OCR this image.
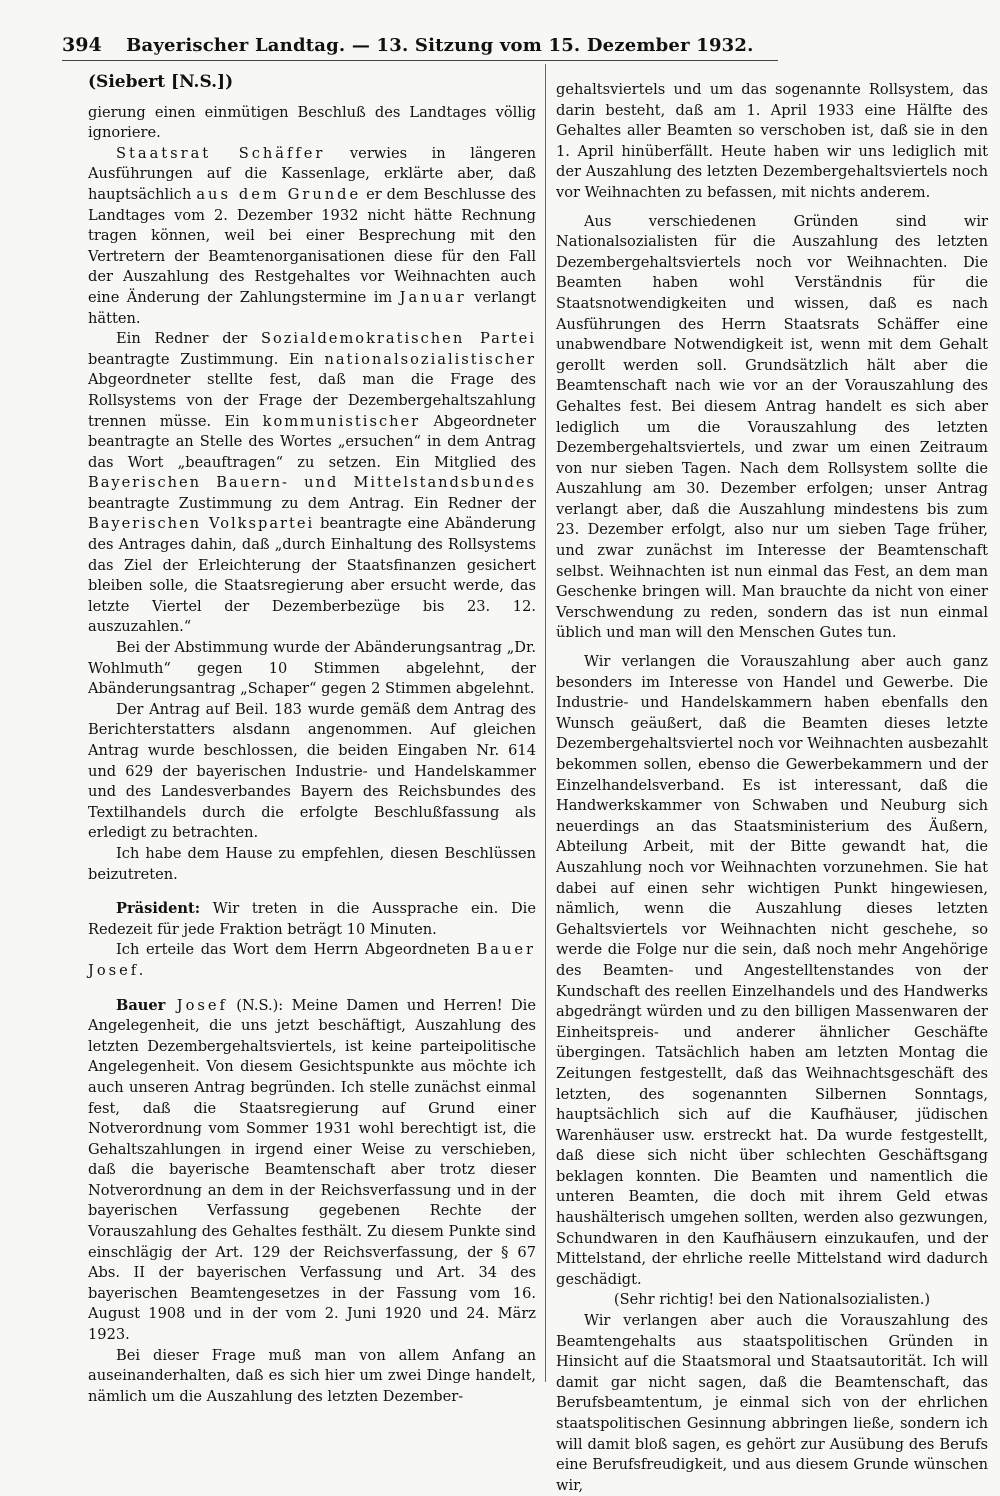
394	Bayerischer Landtag. — 13. Sitzung vom 15. Dezember 1932.
(Siebert [N.S.])

gierung einen einmütigen Beschluß des Landtages völlig ignoriere.

Staatsrat Schäffer verwies in längeren Ausführungen auf die Kassenlage, erklärte aber, daß hauptsächlich aus dem Grunde er dem Beschlusse des Landtages vom 2. Dezember 1932 nicht hätte Rechnung tragen können, weil bei einer Besprechung mit den Vertretern der Beamtenorganisationen diese für den Fall der Auszahlung des Restgehaltes vor Weihnachten auch eine Änderung der Zahlungstermine im Januar verlangt hätten.

Ein Redner der Sozialdemokratischen Partei beantragte Zustimmung. Ein nationalsozialistischer Abgeordneter stellte fest, daß man die Frage des Rollsystems von der Frage der Dezembergehaltszahlung trennen müsse. Ein kommunistischer Abgeordneter beantragte an Stelle des Wortes „ersuchen“ in dem Antrag das Wort „beauftragen“ zu setzen. Ein Mitglied des Bayerischen Bauern- und Mittelstandsbundes beantragte Zustimmung zu dem Antrag. Ein Redner der Bayerischen Volkspartei beantragte eine Abänderung des Antrages dahin, daß „durch Einhaltung des Rollsystems das Ziel der Erleichterung der Staatsfinanzen gesichert bleiben solle, die Staatsregierung aber ersucht werde, das letzte Viertel der Dezemberbezüge bis 23. 12. auszuzahlen.“

Bei der Abstimmung wurde der Abänderungsantrag „Dr. Wohlmuth“ gegen 10 Stimmen abgelehnt, der Abänderungsantrag „Schaper“ gegen 2 Stimmen abgelehnt.

Der Antrag auf Beil. 183 wurde gemäß dem Antrag des Berichterstatters alsdann angenommen. Auf gleichen Antrag wurde beschlossen, die beiden Eingaben Nr. 614 und 629 der bayerischen Industrie- und Handelskammer und des Landesverbandes Bayern des Reichsbundes des Textilhandels durch die erfolgte Beschlußfassung als erledigt zu betrachten.

Ich habe dem Hause zu empfehlen, diesen Beschlüssen beizutreten.

Präsident: Wir treten in die Aussprache ein. Die Redezeit für jede Fraktion beträgt 10 Minuten.

Ich erteile das Wort dem Herrn Abgeordneten Bauer Josef.

Bauer Josef (N.S.): Meine Damen und Herren! Die Angelegenheit, die uns jetzt beschäftigt, Auszahlung des letzten Dezembergehaltsviertels, ist keine parteipolitische Angelegenheit. Von diesem Gesichtspunkte aus möchte ich auch unseren Antrag begründen. Ich stelle zunächst einmal fest, daß die Staatsregierung auf Grund einer Notverordnung vom Sommer 1931 wohl berechtigt ist, die Gehaltszahlungen in irgend einer Weise zu verschieben, daß die bayerische Beamtenschaft aber trotz dieser Notverordnung an dem in der Reichsverfassung und in der bayerischen Verfassung gegebenen Rechte der Vorauszahlung des Gehaltes festhält. Zu diesem Punkte sind einschlägig der Art. 129 der Reichsverfassung, der § 67 Abs. II der bayerischen Verfassung und Art. 34 des bayerischen Beamtengesetzes in der Fassung vom 16. August 1908 und in der vom 2. Juni 1920 und 24. März 1923.

Bei dieser Frage muß man von allem Anfang an auseinanderhalten, daß es sich hier um zwei Dinge handelt, nämlich um die Auszahlung des letzten Dezember-

gehaltsviertels und um das sogenannte Rollsystem, das darin besteht, daß am 1. April 1933 eine Hälfte des Gehaltes aller Beamten so verschoben ist, daß sie in den 1. April hinüberfällt. Heute haben wir uns lediglich mit der Auszahlung des letzten Dezembergehaltsviertels noch vor Weihnachten zu befassen, mit nichts anderem.

Aus verschiedenen Gründen sind wir Nationalsozialisten für die Auszahlung des letzten Dezembergehaltsviertels noch vor Weihnachten. Die Beamten haben wohl Verständnis für die Staatsnotwendigkeiten und wissen, daß es nach Ausführungen des Herrn Staatsrats Schäffer eine unabwendbare Notwendigkeit ist, wenn mit dem Gehalt gerollt werden soll. Grundsätzlich hält aber die Beamtenschaft nach wie vor an der Vorauszahlung des Gehaltes fest. Bei diesem Antrag handelt es sich aber lediglich um die Vorauszahlung des letzten Dezembergehaltsviertels, und zwar um einen Zeitraum von nur sieben Tagen. Nach dem Rollsystem sollte die Auszahlung am 30. Dezember erfolgen; unser Antrag verlangt aber, daß die Auszahlung mindestens bis zum 23. Dezember erfolgt, also nur um sieben Tage früher, und zwar zunächst im Interesse der Beamtenschaft selbst. Weihnachten ist nun einmal das Fest, an dem man Geschenke bringen will. Man brauchte da nicht von einer Verschwendung zu reden, sondern das ist nun einmal üblich und man will den Menschen Gutes tun.

Wir verlangen die Vorauszahlung aber auch ganz besonders im Interesse von Handel und Gewerbe. Die Industrie- und Handelskammern haben ebenfalls den Wunsch geäußert, daß die Beamten dieses letzte Dezembergehaltsviertel noch vor Weihnachten ausbezahlt bekommen sollen, ebenso die Gewerbekammern und der Einzelhandelsverband. Es ist interessant, daß die Handwerkskammer von Schwaben und Neuburg sich neuerdings an das Staatsministerium des Äußern, Abteilung Arbeit, mit der Bitte gewandt hat, die Auszahlung noch vor Weihnachten vorzunehmen. Sie hat dabei auf einen sehr wichtigen Punkt hingewiesen, nämlich, wenn die Auszahlung dieses letzten Gehaltsviertels vor Weihnachten nicht geschehe, so werde die Folge nur die sein, daß noch mehr Angehörige des Beamten- und Angestelltenstandes von der Kundschaft des reellen Einzelhandels und des Handwerks abgedrängt würden und zu den billigen Massenwaren der Einheitspreis- und anderer ähnlicher Geschäfte übergingen. Tatsächlich haben am letzten Montag die Zeitungen festgestellt, daß das Weihnachtsgeschäft des letzten, des sogenannten Silbernen Sonntags, hauptsächlich sich auf die Kaufhäuser, jüdischen Warenhäuser usw. erstreckt hat. Da wurde festgestellt, daß diese sich nicht über schlechten Geschäftsgang beklagen konnten. Die Beamten und namentlich die unteren Beamten, die doch mit ihrem Geld etwas haushälterisch umgehen sollten, werden also gezwungen, Schundwaren in den Kaufhäusern einzukaufen, und der Mittelstand, der ehrliche reelle Mittelstand wird dadurch geschädigt.

(Sehr richtig! bei den Nationalsozialisten.)

Wir verlangen aber auch die Vorauszahlung des Beamtengehalts aus staatspolitischen Gründen in Hinsicht auf die Staatsmoral und Staatsautorität. Ich will damit gar nicht sagen, daß die Beamtenschaft, das Berufsbeamtentum, je einmal sich von der ehrlichen staatspolitischen Gesinnung abbringen ließe, sondern ich will damit bloß sagen, es gehört zur Ausübung des Berufs eine Berufsfreudigkeit, und aus diesem Grunde wünschen wir,
